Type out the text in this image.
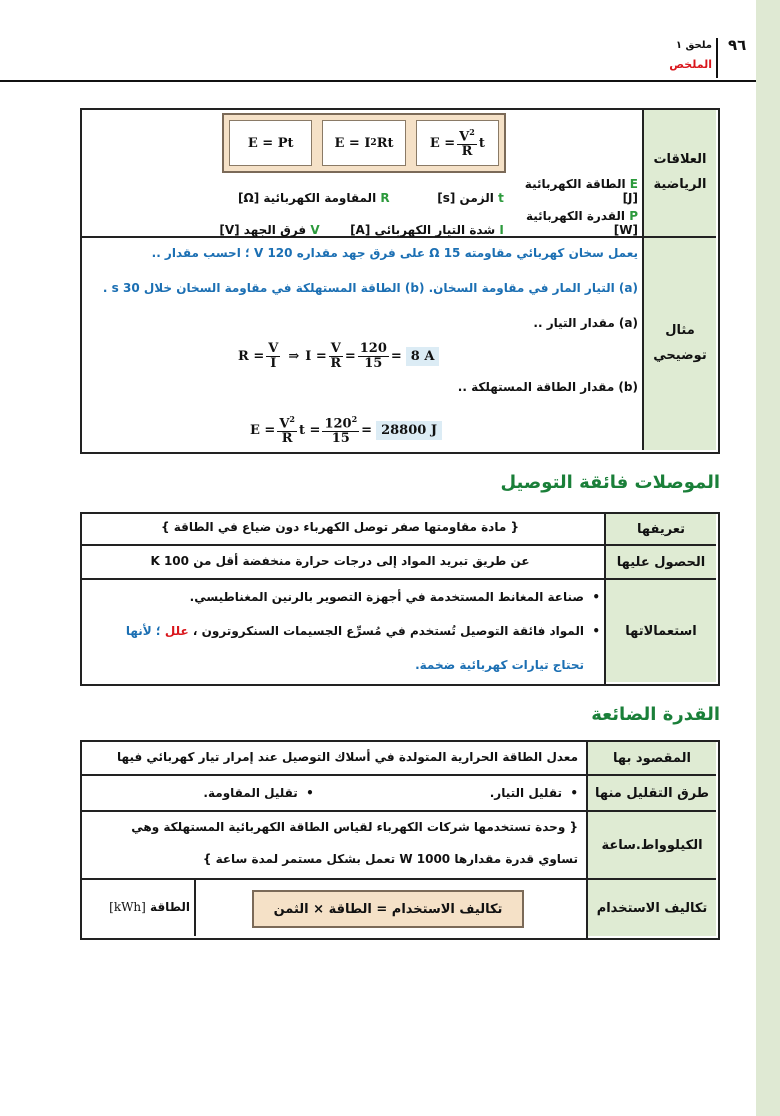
٩٦
ملحق ١
الملخص
العلاقات الرياضية
مثال توضيحي
E = Pt	E = I 2 Rt	$E = \frac{V^2}{R}$ t
E الطاقة الكهربائية [J] t الزمن [s] R المقاومة الكهربائية [Ω]
P القدرة الكهربائية [W] I شدة التيار الكهربائي [A] V فرق الجهد [V]
يعمل سخان كهربائي مقاومته 15 Ω على فرق جهد مقداره 120 V ؛ احسب مقدار ..
(a) التيار المار في مقاومة السخان. (b) الطاقة المستهلكة في مقاومة السخان خلال 30 s .
(a) مقدار التيار ..
$R = \frac{V}{I}$ ⇒ $I = \frac{V}{R} = \frac{120}{15} = 8$ A
(b) مقدار الطاقة المستهلكة ..
$E = \frac{V^2}{R}$ $t = \frac{120^2}{15} = 28800$ J
الموصلات فائقة التوصيل
تعريفها
الحصول عليها
استعمالاتها
{ مادة مقاومتها صفر توصل الكهرباء دون ضياع في الطاقة }
عن طريق تبريد المواد إلى درجات حرارة منخفضة أقل من 100 K
•  صناعة المغانط المستخدمة في أجهزة التصوير بالرنين المغناطيسي.
•  المواد فائقة التوصيل تُستخدم في مُسرِّع الجسيمات السنكروترون ، علل ؛ لأنها
تحتاج تيارات كهربائية ضخمة.
القدرة الضائعة
المقصود بها
طرق التقليل منها
الكيلوواط.ساعة
تكاليف الاستخدام
معدل الطاقة الحرارية المتولدة في أسلاك التوصيل عند إمرار تيار كهربائي فيها
•  تقليل التيار. •  تقليل المقاومة.
{ وحدة تستخدمها شركات الكهرباء لقياس الطاقة الكهربائية المستهلكة وهي
تساوي قدرة مقدارها 1000 W تعمل بشكل مستمر لمدة ساعة }
تكاليف الاستخدام = الطاقة × الثمن
الطاقة [kWh]
